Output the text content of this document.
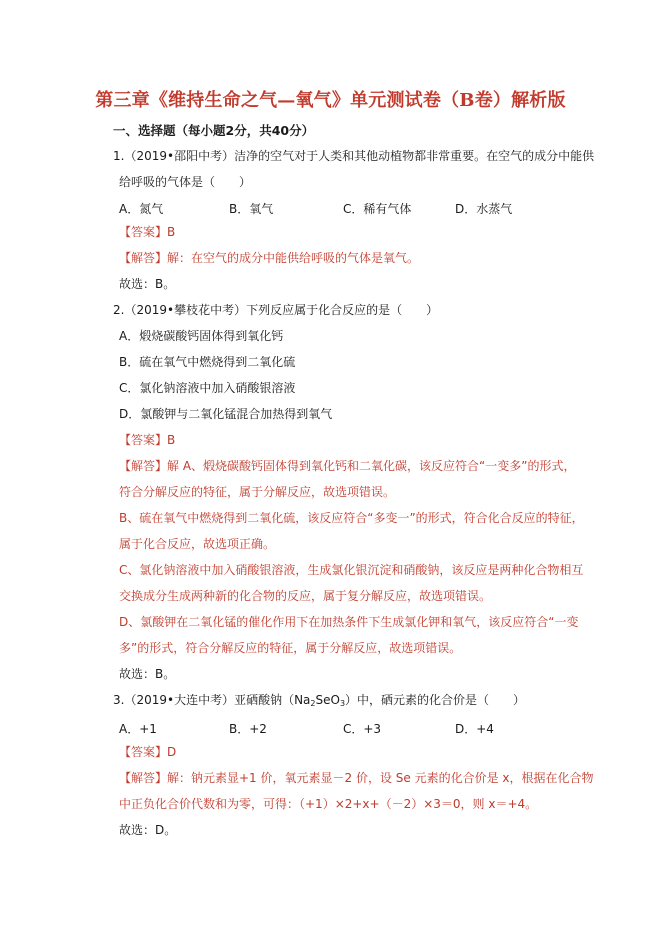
第三章《维持生命之气—氧气》单元测试卷（B卷）解析版
一、选择题（每小题2分，共40分）
1.（2019•邵阳中考）洁净的空气对于人类和其他动植物都非常重要。在空气的成分中能供
给呼吸的气体是（　　）
A．氮气	B．氧气	C．稀有气体	D．水蒸气
【答案】B
【解答】解：在空气的成分中能供给呼吸的气体是氧气。
故选：B。
2.（2019•攀枝花中考）下列反应属于化合反应的是（　　）
A．煅烧碳酸钙固体得到氧化钙
B．硫在氧气中燃烧得到二氧化硫
C．氯化钠溶液中加入硝酸银溶液
D．氯酸钾与二氧化锰混合加热得到氧气
【答案】B
【解答】解 A、煅烧碳酸钙固体得到氧化钙和二氧化碳，该反应符合“一变多”的形式，
符合分解反应的特征，属于分解反应，故选项错误。
B、硫在氧气中燃烧得到二氧化硫，该反应符合“多变一”的形式，符合化合反应的特征，
属于化合反应，故选项正确。
C、氯化钠溶液中加入硝酸银溶液，生成氯化银沉淀和硝酸钠，该反应是两种化合物相互
交换成分生成两种新的化合物的反应，属于复分解反应，故选项错误。
D、氯酸钾在二氧化锰的催化作用下在加热条件下生成氯化钾和氧气，该反应符合“一变
多”的形式，符合分解反应的特征，属于分解反应，故选项错误。
故选：B。
3.（2019•大连中考）亚硒酸钠$(Na_2SeO_3)$中，硒元素的化合价是（　　）
A．+1	B．+2	C．+3	D．+4
【答案】D
【解答】解：钠元素显+1 价，氧元素显－2 价，设 Se 元素的化合价是 x，根据在化合物
中正负化合价代数和为零，可得：（+1）×2+x+（－2）×3＝0，则 x＝+4。
故选：D。
